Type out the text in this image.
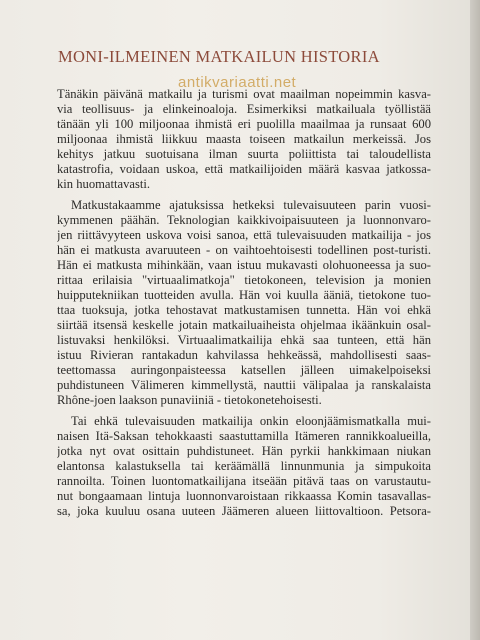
MONI-ILMEINEN MATKAILUN HISTORIA
Tänäkin päivänä matkailu ja turismi ovat maailman nopeimmin kasva-
via teollisuus- ja elinkeinoaloja. Esimerkiksi matkailuala työllistää
tänään yli 100 miljoonaa ihmistä eri puolilla maailmaa ja runsaat 600
miljoonaa ihmistä liikkuu maasta toiseen matkailun merkeissä. Jos
kehitys jatkuu suotuisana ilman suurta poliittista tai taloudellista
katastrofia, voidaan uskoa, että matkailijoiden määrä kasvaa jatkossa-
kin huomattavasti.
Matkustakaamme ajatuksissa hetkeksi tulevaisuuteen parin vuosi-
kymmenen päähän. Teknologian kaikkivoipaisuuteen ja luonnonvaro-
jen riittävyyteen uskova voisi sanoa, että tulevaisuuden matkailija - jos
hän ei matkusta avaruuteen - on vaihtoehtoisesti todellinen post-turisti.
Hän ei matkusta mihinkään, vaan istuu mukavasti olohuoneessa ja suo-
rittaa erilaisia "virtuaalimatkoja" tietokoneen, television ja monien
huipputekniikan tuotteiden avulla. Hän voi kuulla ääniä, tietokone tuo-
ttaa tuoksuja, jotka tehostavat matkustamisen tunnetta. Hän voi ehkä
siirtää itsensä keskelle jotain matkailuaiheista ohjelmaa ikäänkuin osal-
listuvaksi henkilöksi. Virtuaalimatkailija ehkä saa tunteen, että hän
istuu Rivieran rantakadun kahvilassa hehkeässä, mahdollisesti saas-
teettomassa auringonpaisteessa katsellen jälleen uimakelpoiseksi
puhdistuneen Välimeren kimmellystä, nauttii välipalaa ja ranskalaista
Rhône-joen laakson punaviiniä - tietokonetehoisesti.
Tai ehkä tulevaisuuden matkailija onkin eloonjäämismatkalla mui-
naisen Itä-Saksan tehokkaasti saastuttamilla Itämeren rannikkoalueilla,
jotka nyt ovat osittain puhdistuneet. Hän pyrkii hankkimaan niukan
elantonsa kalastuksella tai keräämällä linnunmunia ja simpukoita
rannoilta. Toinen luontomatkailijana itseään pitävä taas on varustautu-
nut bongaamaan lintuja luonnonvaroistaan rikkaassa Komin tasavallas-
sa, joka kuuluu osana uuteen Jäämeren alueen liittovaltioon. Petsora-
antikvariaatti.net
